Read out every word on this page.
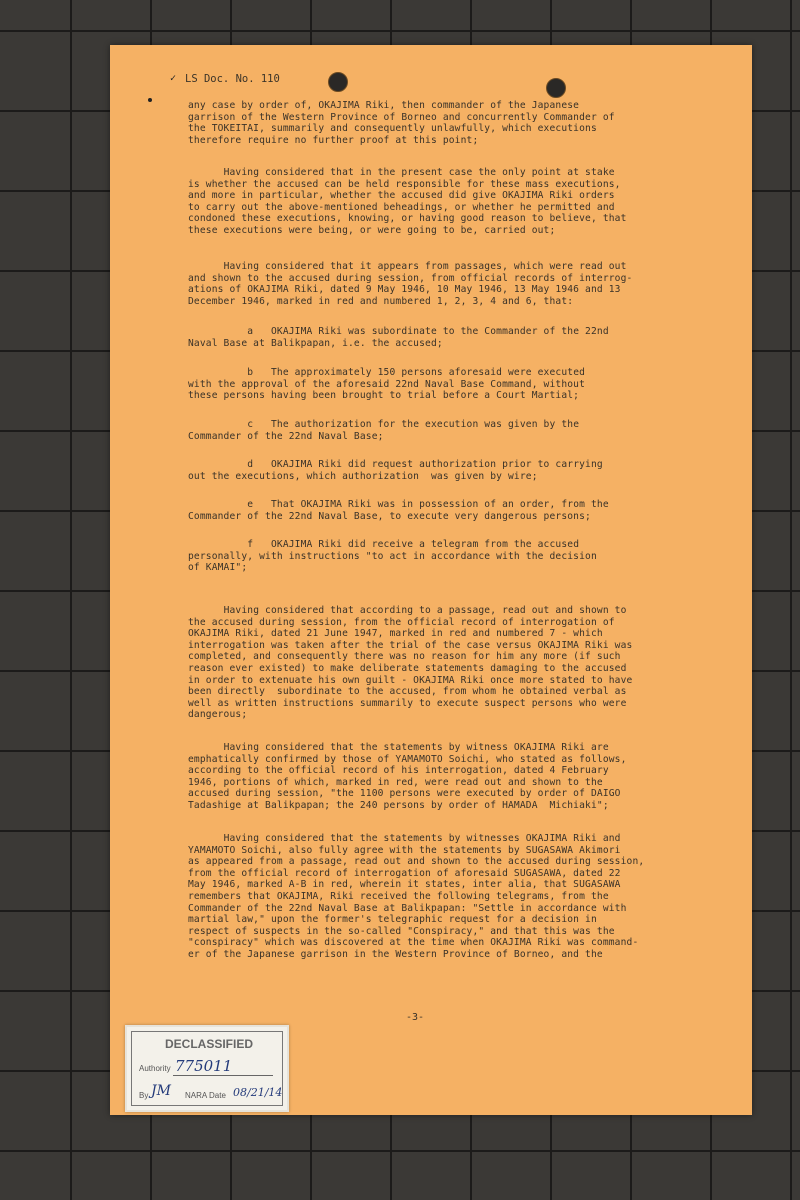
✓ LS Doc. No. 110
any case by order of, OKAJIMA Riki, then commander of the Japanese
garrison of the Western Province of Borneo and concurrently Commander of
the TOKEITAI, summarily and consequently unlawfully, which executions
therefore require no further proof at this point;
Having considered that in the present case the only point at stake
is whether the accused can be held responsible for these mass executions,
and more in particular, whether the accused did give OKAJIMA Riki orders
to carry out the above-mentioned beheadings, or whether he permitted and
condoned these executions, knowing, or having good reason to believe, that
these executions were being, or were going to be, carried out;
Having considered that it appears from passages, which were read out
and shown to the accused during session, from official records of interrog-
ations of OKAJIMA Riki, dated 9 May 1946, 10 May 1946, 13 May 1946 and 13
December 1946, marked in red and numbered 1, 2, 3, 4 and 6, that:
a   OKAJIMA Riki was subordinate to the Commander of the 22nd
Naval Base at Balikpapan, i.e. the accused;
b   The approximately 150 persons aforesaid were executed
with the approval of the aforesaid 22nd Naval Base Command, without
these persons having been brought to trial before a Court Martial;
c   The authorization for the execution was given by the
Commander of the 22nd Naval Base;
d   OKAJIMA Riki did request authorization prior to carrying
out the executions, which authorization  was given by wire;
e   That OKAJIMA Riki was in possession of an order, from the
Commander of the 22nd Naval Base, to execute very dangerous persons;
f   OKAJIMA Riki did receive a telegram from the accused
personally, with instructions "to act in accordance with the decision
of KAMAI";
Having considered that according to a passage, read out and shown to
the accused during session, from the official record of interrogation of
OKAJIMA Riki, dated 21 June 1947, marked in red and numbered 7 - which
interrogation was taken after the trial of the case versus OKAJIMA Riki was
completed, and consequently there was no reason for him any more (if such
reason ever existed) to make deliberate statements damaging to the accused
in order to extenuate his own guilt - OKAJIMA Riki once more stated to have
been directly  subordinate to the accused, from whom he obtained verbal as
well as written instructions summarily to execute suspect persons who were
dangerous;
Having considered that the statements by witness OKAJIMA Riki are
emphatically confirmed by those of YAMAMOTO Soichi, who stated as follows,
according to the official record of his interrogation, dated 4 February
1946, portions of which, marked in red, were read out and shown to the
accused during session, "the 1100 persons were executed by order of DAIGO
Tadashige at Balikpapan; the 240 persons by order of HAMADA  Michiaki";
Having considered that the statements by witnesses OKAJIMA Riki and
YAMAMOTO Soichi, also fully agree with the statements by SUGASAWA Akimori
as appeared from a passage, read out and shown to the accused during session,
from the official record of interrogation of aforesaid SUGASAWA, dated 22
May 1946, marked A-B in red, wherein it states, inter alia, that SUGASAWA
remembers that OKAJIMA, Riki received the following telegrams, from the
Commander of the 22nd Naval Base at Balikpapan: "Settle in accordance with
martial law," upon the former's telegraphic request for a decision in
respect of suspects in the so-called "Conspiracy," and that this was the
"conspiracy" which was discovered at the time when OKAJIMA Riki was command-
er of the Japanese garrison in the Western Province of Borneo, and the
-3-
DECLASSIFIED
Authority 775011
By JM NARA Date 08/21/14
